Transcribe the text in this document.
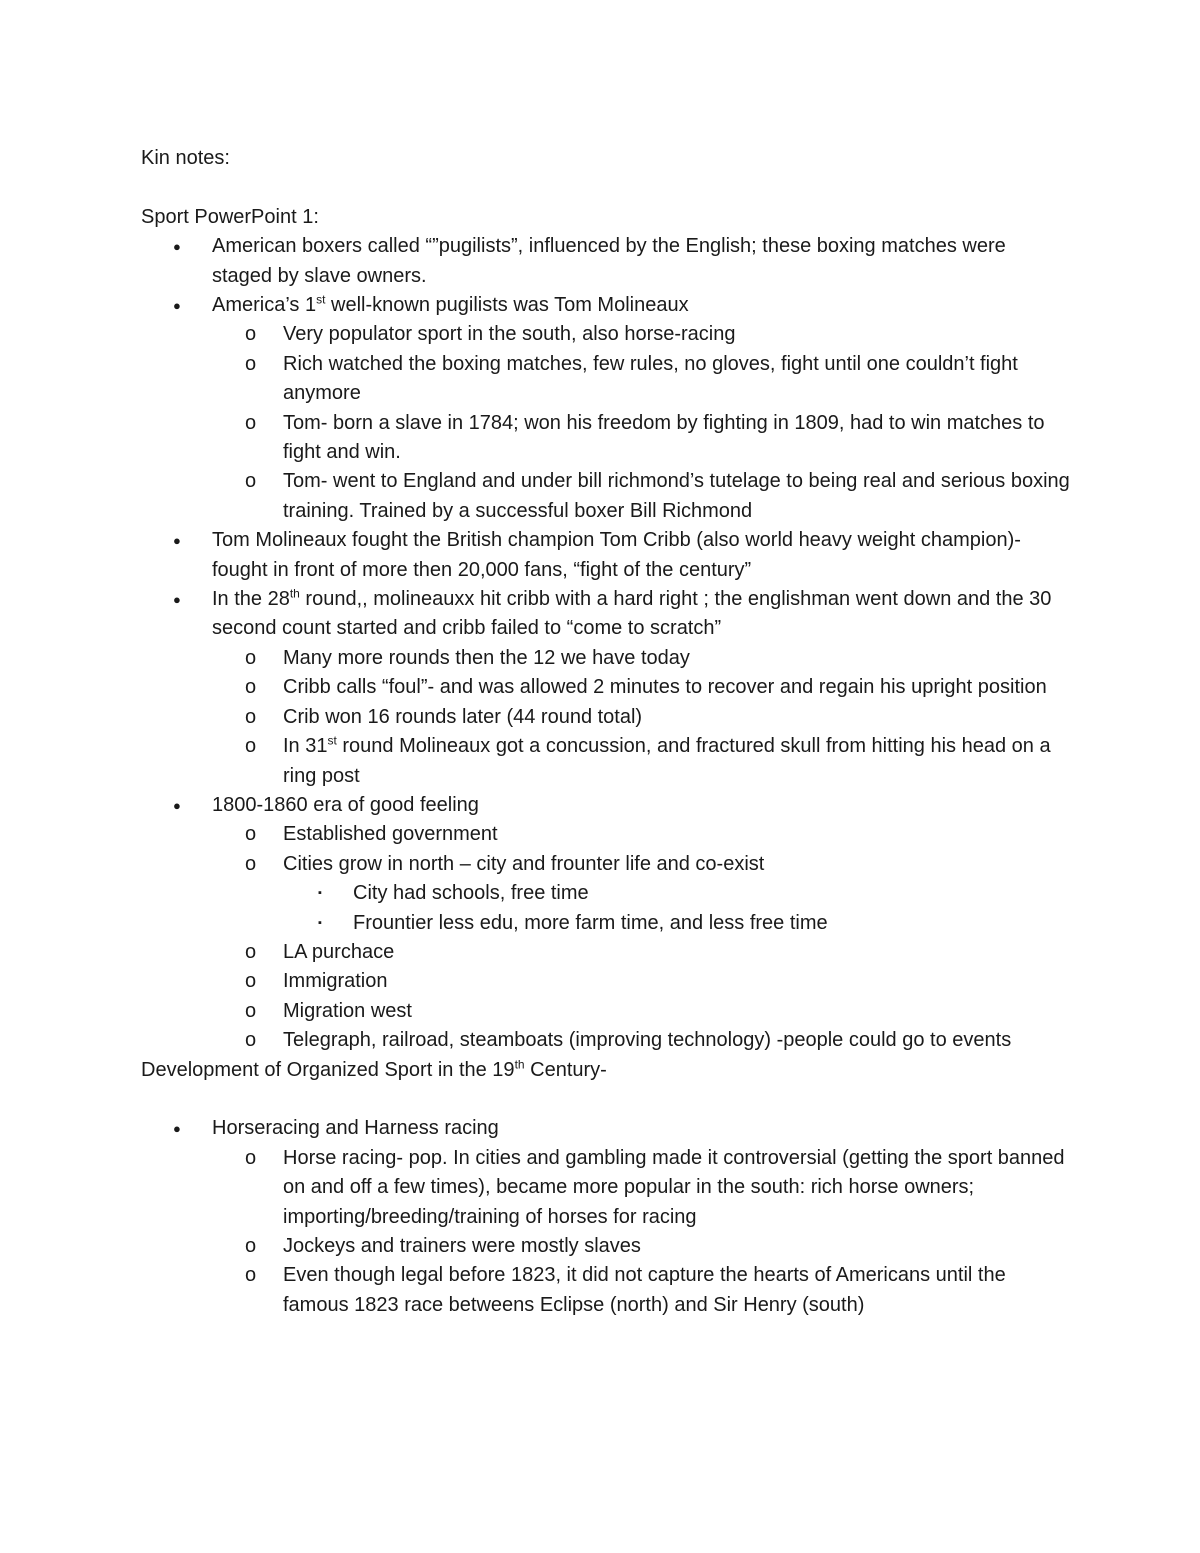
Kin notes:

Sport PowerPoint 1:

● American boxers called “”pugilists”, influenced by the English; these boxing matches were staged by slave owners.
● America’s 1st well-known pugilists was Tom Molineaux
o Very populator sport in the south, also horse-racing
o Rich watched the boxing matches, few rules, no gloves, fight until one couldn’t fight anymore
o Tom- born a slave in 1784; won his freedom by fighting in 1809, had to win matches to fight and win.
o Tom- went to England and under bill richmond’s tutelage to being real and serious boxing training. Trained by a successful boxer Bill Richmond
● Tom Molineaux fought the British champion Tom Cribb (also world heavy weight champion)- fought in front of more then 20,000 fans, “fight of the century”
● In the 28th round,, molineauxx hit cribb with a hard right ; the englishman went down and the 30 second count started and cribb failed to “come to scratch”
o Many more rounds then the 12 we have today
o Cribb calls “foul”- and was allowed 2 minutes to recover and regain his upright position
o Crib won 16 rounds later (44 round total)
o In 31st round Molineaux got a concussion, and fractured skull from hitting his head on a ring post
● 1800-1860 era of good feeling
o Established government
o Cities grow in north – city and frounter life and co-exist
▪ City had schools, free time
▪ Frountier less edu, more farm time, and less free time
o LA purchace
o Immigration
o Migration west
o Telegraph, railroad, steamboats (improving technology) -people could go to events

Development of Organized Sport in the 19th Century-

● Horseracing and Harness racing
o Horse racing- pop. In cities and gambling made it controversial (getting the sport banned on and off a few times), became more popular in the south: rich horse owners; importing/breeding/training of horses for racing
o Jockeys and trainers were mostly slaves
o Even though legal before 1823, it did not capture the hearts of Americans until the famous 1823 race betweens Eclipse (north) and Sir Henry (south)
